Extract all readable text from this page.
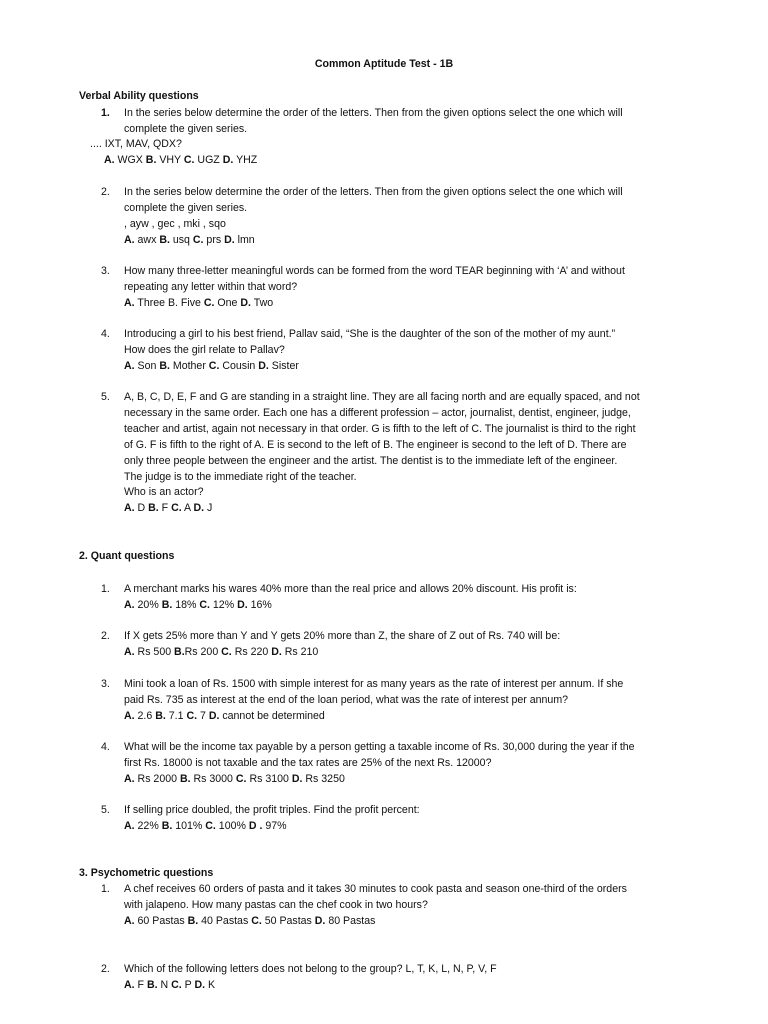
Common Aptitude Test - 1B
Verbal Ability questions
1.	In the series below determine the order of the letters. Then from the given options select the one which will
complete the given series.
.... IXT, MAV, QDX?
A. WGX B. VHY C. UGZ D. YHZ
2.	In the series below determine the order of the letters. Then from the given options select the one which will
complete the given series.
, ayw , gec , mki , sqo
A. awx B. usq C. prs D. lmn
3.	How many three-letter meaningful words can be formed from the word TEAR beginning with ‘A’ and without
repeating any letter within that word?
A. Three B. Five C. One D. Two
4.	Introducing a girl to his best friend, Pallav said, “She is the daughter of the son of the mother of my aunt.”
How does the girl relate to Pallav?
A. Son B. Mother C. Cousin D. Sister
5.	A, B, C, D, E, F and G are standing in a straight line. They are all facing north and are equally spaced, and not
necessary in the same order. Each one has a different profession – actor, journalist, dentist, engineer, judge,
teacher and artist, again not necessary in that order. G is fifth to the left of C. The journalist is third to the right
of G. F is fifth to the right of A. E is second to the left of B. The engineer is second to the left of D. There are
only three people between the engineer and the artist. The dentist is to the immediate left of the engineer.
The judge is to the immediate right of the teacher.
Who is an actor?
A. D B. F C. A D. J
2. Quant questions
1.	A merchant marks his wares 40% more than the real price and allows 20% discount. His profit is:
A. 20% B. 18% C. 12% D. 16%
2.	If X gets 25% more than Y and Y gets 20% more than Z, the share of Z out of Rs. 740 will be:
A. Rs 500 B.Rs 200 C. Rs 220 D. Rs 210
3.	Mini took a loan of Rs. 1500 with simple interest for as many years as the rate of interest per annum. If she
paid Rs. 735 as interest at the end of the loan period, what was the rate of interest per annum?
A. 2.6 B. 7.1 C. 7 D. cannot be determined
4.	What will be the income tax payable by a person getting a taxable income of Rs. 30,000 during the year if the
first Rs. 18000 is not taxable and the tax rates are 25% of the next Rs. 12000?
A. Rs 2000 B. Rs 3000 C. Rs 3100 D. Rs 3250
5.	If selling price doubled, the profit triples. Find the profit percent:
A. 22% B. 101% C. 100% D . 97%
3. Psychometric questions
1.	A chef receives 60 orders of pasta and it takes 30 minutes to cook pasta and season one-third of the orders
with jalapeno. How many pastas can the chef cook in two hours?
A. 60 Pastas B. 40 Pastas C. 50 Pastas D. 80 Pastas
2.	Which of the following letters does not belong to the group? L, T, K, L, N, P, V, F
A. F B. N C. P D. K
